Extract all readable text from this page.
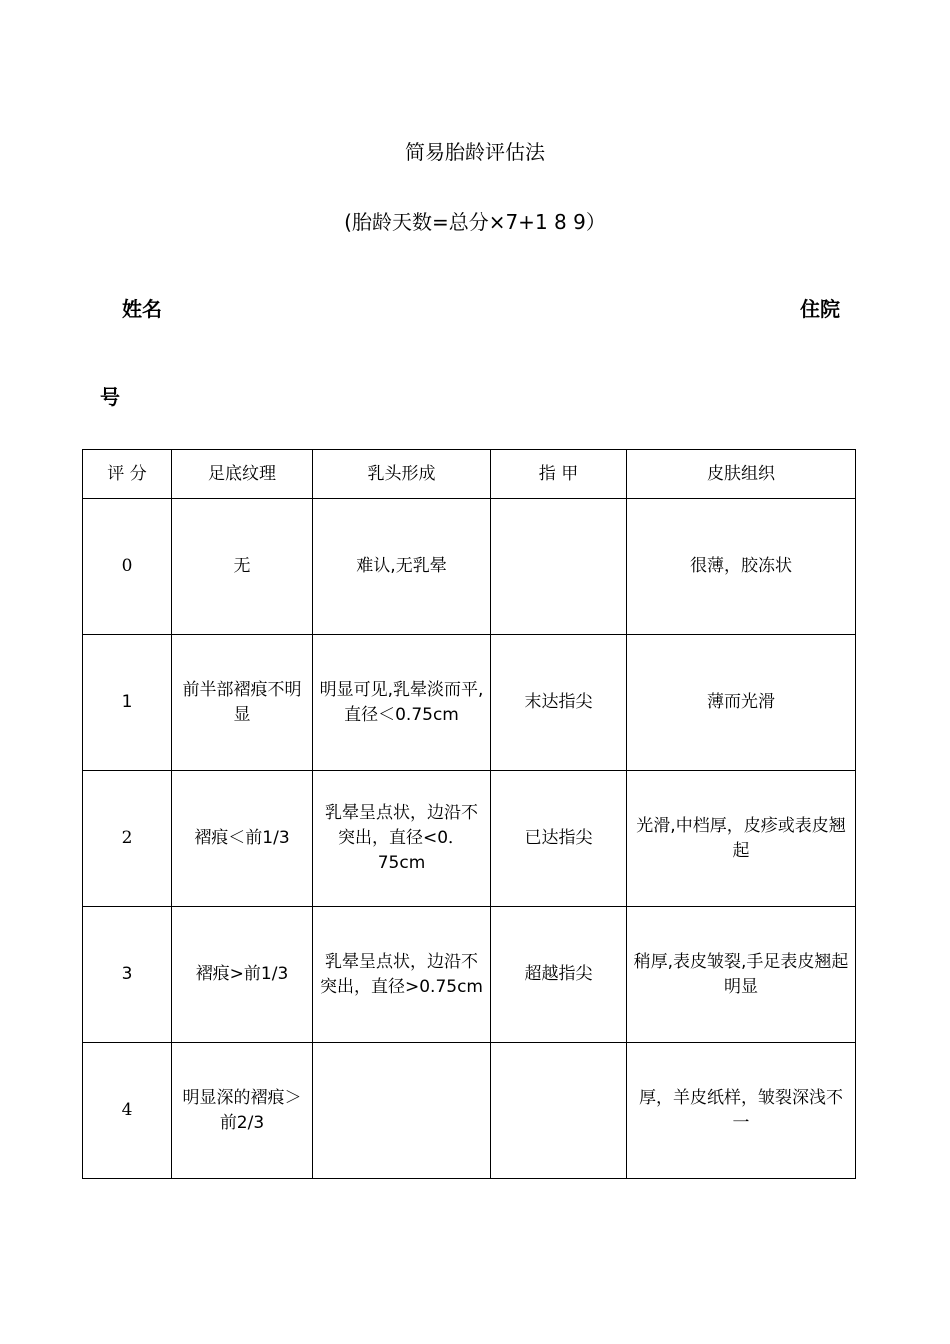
简易胎龄评估法
(胎龄天数=总分×7+1 8 9）
姓名	住院
号
评 分	足底纹理	乳头形成	指 甲	皮肤组织
0	无	难认,无乳晕		很薄，胶冻状
1	前半部褶痕不明显	明显可见,乳晕淡而平,直径＜0.75cm	末达指尖	薄而光滑
2	褶痕＜前1/3	乳晕呈点状，边沿不突出，直径<0．75cm	已达指尖	光滑,中档厚，皮疹或表皮翘起
3	褶痕>前1/3	乳晕呈点状，边沿不突出，直径>0.75cm	超越指尖	稍厚,表皮皱裂,手足表皮翘起明显
4	明显深的褶痕＞前2/3			厚，羊皮纸样，皱裂深浅不一
